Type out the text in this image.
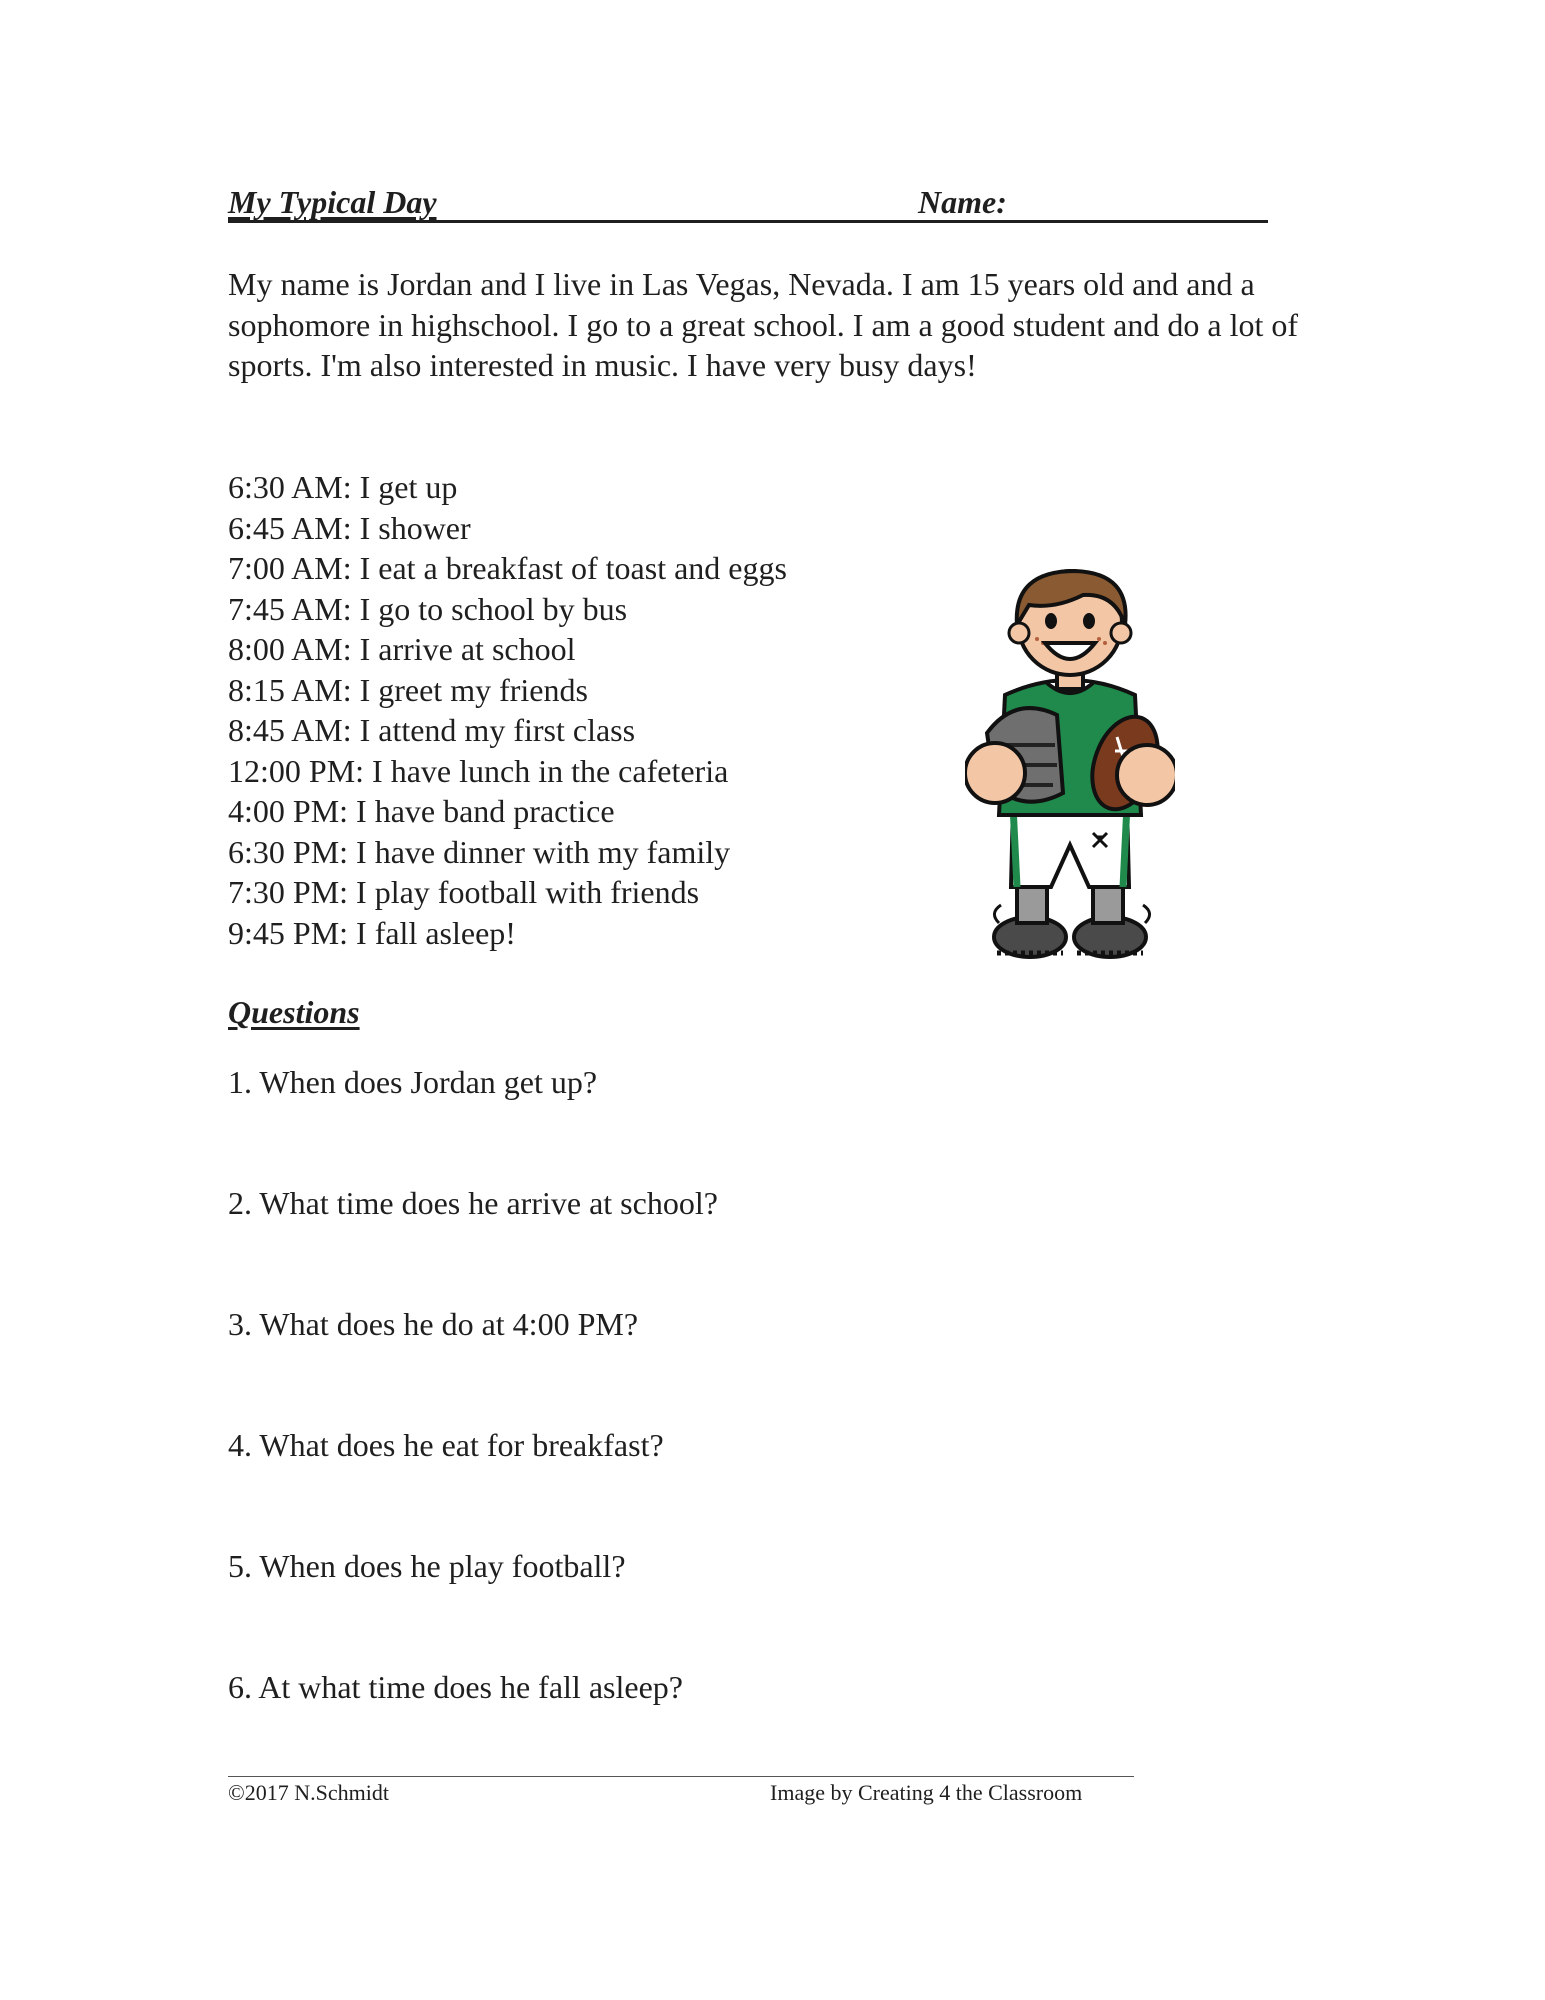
My Typical Day	Name:

My name is Jordan and I live in Las Vegas, Nevada. I am 15 years old and and a sophomore in highschool. I go to a great school. I am a good student and do a lot of sports. I'm also interested in music. I have very busy days!

6:30 AM: I get up
6:45 AM: I shower
7:00 AM: I eat a breakfast of toast and eggs
7:45 AM: I go to school by bus
8:00 AM: I arrive at school
8:15 AM: I greet my friends
8:45 AM: I attend my first class
12:00 PM: I have lunch in the cafeteria
4:00 PM: I have band practice
6:30 PM: I have dinner with my family
7:30 PM: I play football with friends
9:45 PM: I fall asleep!
Questions
1. When does Jordan get up?
2. What time does he arrive at school?
3. What does he do at 4:00 PM?
4. What does he eat for breakfast?
5. When does he play football?
6. At what time does he fall asleep?
©2017 N.Schmidt	Image by Creating 4 the Classroom
